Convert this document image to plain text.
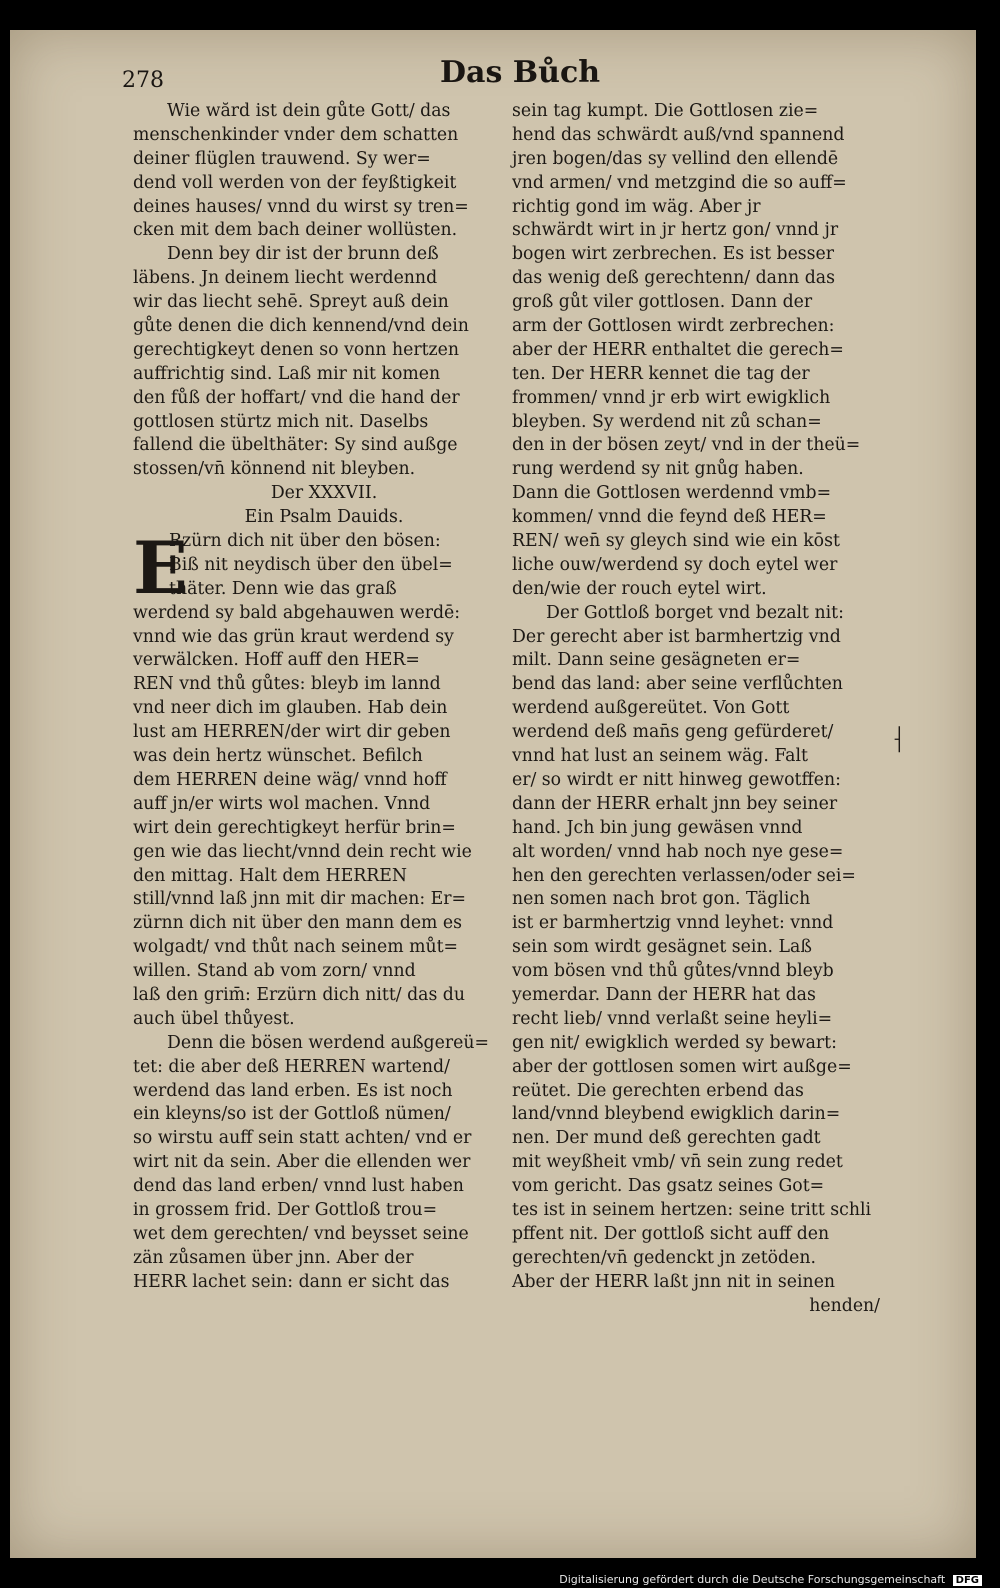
278	Das Bůch
E
Wie wărd ist dein gůte Gott/ das
menschenkinder vnder dem schatten
deiner flüglen trauwend. Sy wer=
dend voll werden von der feyßtigkeit
deines hauses/ vnnd du wirst sy tren=
cken mit dem bach deiner wollüsten.
Denn bey dir ist der brunn deß
läbens. Jn deinem liecht werdennd
wir das liecht sehē. Spreyt auß dein
gůte denen die dich kennend/vnd dein
gerechtigkeyt denen so vonn hertzen
auffrichtig sind. Laß mir nit komen
den fůß der hoffart/ vnd die hand der
gottlosen stürtz mich nit. Daselbs
fallend die übelthäter: Sy sind außge
stossen/vn̄ könnend nit bleyben.
Der XXXVII.
Ein Psalm Dauids.
Rzürn dich nit über den bösen:
Biß nit neydisch über den übel=
thäter. Denn wie das graß
werdend sy bald abgehauwen werdē:
vnnd wie das grün kraut werdend sy
verwälcken. Hoff auff den HER=
REN vnd thů gůtes: bleyb im lannd
vnd neer dich im glauben. Hab dein
lust am HERREN/der wirt dir geben
was dein hertz wünschet. Befilch
dem HERREN deine wäg/ vnnd hoff
auff jn/er wirts wol machen. Vnnd
wirt dein gerechtigkeyt herfür brin=
gen wie das liecht/vnnd dein recht wie
den mittag. Halt dem HERREN
still/vnnd laß jnn mit dir machen: Er=
zürnn dich nit über den mann dem es
wolgadt/ vnd thůt nach seinem můt=
willen. Stand ab vom zorn/ vnnd
laß den grim̄: Erzürn dich nitt/ das du
auch übel thůyest.
Denn die bösen werdend außgereü=
tet: die aber deß HERREN wartend/
werdend das land erben. Es ist noch
ein kleyns/so ist der Gottloß nümen/
so wirstu auff sein statt achten/ vnd er
wirt nit da sein. Aber die ellenden wer
dend das land erben/ vnnd lust haben
in grossem frid. Der Gottloß trou=
wet dem gerechten/ vnd beysset seine
zän zůsamen über jnn. Aber der
HERR lachet sein: dann er sicht das
sein tag kumpt. Die Gottlosen zie=
hend das schwärdt auß/vnd spannend
jren bogen/das sy vellind den ellendē
vnd armen/ vnd metzgind die so auff=
richtig gond im wäg. Aber jr
schwärdt wirt in jr hertz gon/ vnnd jr
bogen wirt zerbrechen. Es ist besser
das wenig deß gerechtenn/ dann das
groß gůt viler gottlosen. Dann der
arm der Gottlosen wirdt zerbrechen:
aber der HERR enthaltet die gerech=
ten. Der HERR kennet die tag der
frommen/ vnnd jr erb wirt ewigklich
bleyben. Sy werdend nit zů schan=
den in der bösen zeyt/ vnd in der theü=
rung werdend sy nit gnůg haben.
Dann die Gottlosen werdennd vmb=
kommen/ vnnd die feynd deß HER=
REN/ wen̄ sy gleych sind wie ein kōst
liche ouw/werdend sy doch eytel wer
den/wie der rouch eytel wirt.
Der Gottloß borget vnd bezalt nit:
Der gerecht aber ist barmhertzig vnd
milt. Dann seine gesägneten er=
bend das land: aber seine verflůchten
werdend außgereütet. Von Gott
werdend deß man̄s geng gefürderet/
vnnd hat lust an seinem wäg. Falt
er/ so wirdt er nitt hinweg gewotffen:
dann der HERR erhalt jnn bey seiner
hand. Jch bin jung gewäsen vnnd
alt worden/ vnnd hab noch nye gese=
hen den gerechten verlassen/oder sei=
nen somen nach brot gon. Täglich
ist er barmhertzig vnnd leyhet: vnnd
sein som wirdt gesägnet sein. Laß
vom bösen vnd thů gůtes/vnnd bleyb
yemerdar. Dann der HERR hat das
recht lieb/ vnnd verlaßt seine heyli=
gen nit/ ewigklich werded sy bewart:
aber der gottlosen somen wirt außge=
reütet. Die gerechten erbend das
land/vnnd bleybend ewigklich darin=
nen. Der mund deß gerechten gadt
mit weyßheit vmb/ vn̄ sein zung redet
vom gericht. Das gsatz seines Got=
tes ist in seinem hertzen: seine tritt schli
pffent nit. Der gottloß sicht auff den
gerechten/vn̄ gedenckt jn zetöden.
Aber der HERR laßt jnn nit in seinen
henden/
⸡
Digitalisierung gefördert durch die Deutsche Forschungsgemeinschaft DFG
